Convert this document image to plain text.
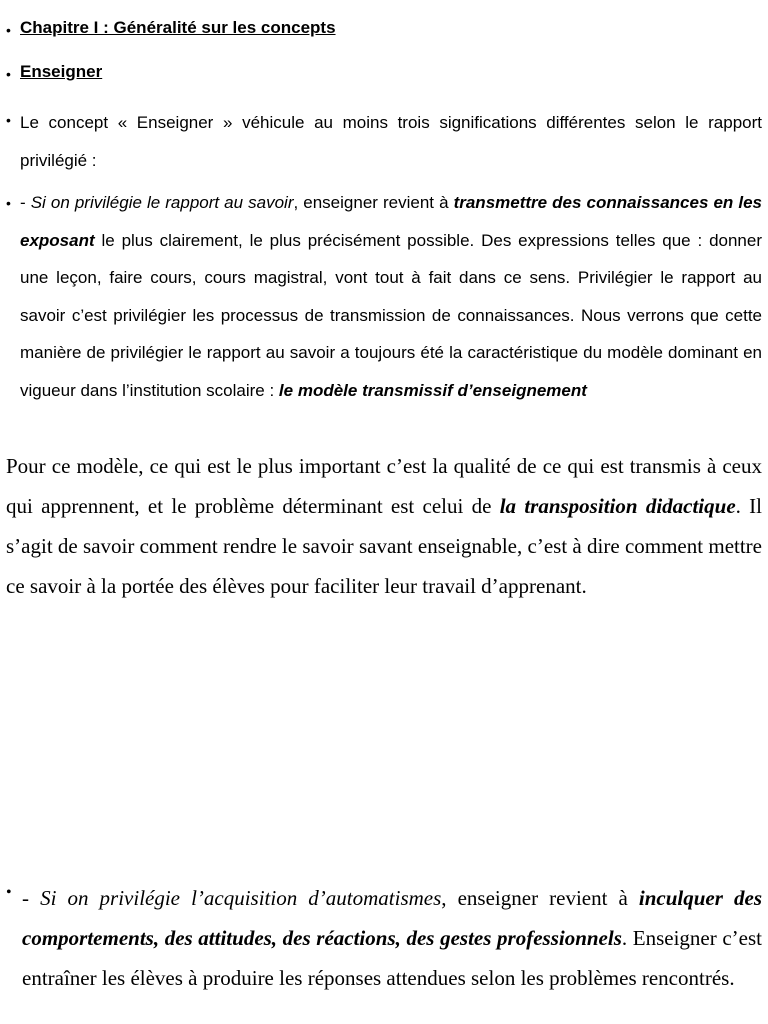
• Chapitre I : Généralité sur les concepts
• Enseigner
• Le concept « Enseigner » véhicule au moins trois significations différentes selon le rapport privilégié :
• - Si on privilégie le rapport au savoir, enseigner revient à transmettre des connaissances en les exposant le plus clairement, le plus précisément possible. Des expressions telles que : donner une leçon, faire cours, cours magistral, vont tout à fait dans ce sens. Privilégier le rapport au savoir c’est privilégier les processus de transmission de connaissances. Nous verrons que cette manière de privilégier le rapport au savoir a toujours été la caractéristique du modèle dominant en vigueur dans l’institution scolaire : le modèle transmissif d’enseignement
Pour ce modèle, ce qui est le plus important c’est la qualité de ce qui est transmis à ceux qui apprennent, et le problème déterminant est celui de la transposition didactique. Il s’agit de savoir comment rendre le savoir savant enseignable, c’est à dire comment mettre ce savoir à la portée des élèves pour faciliter leur travail d’apprenant.
• - Si on privilégie l’acquisition d’automatismes, enseigner revient à inculquer des comportements, des attitudes, des réactions, des gestes professionnels. Enseigner c’est entraîner les élèves à produire les réponses attendues selon les problèmes rencontrés.
